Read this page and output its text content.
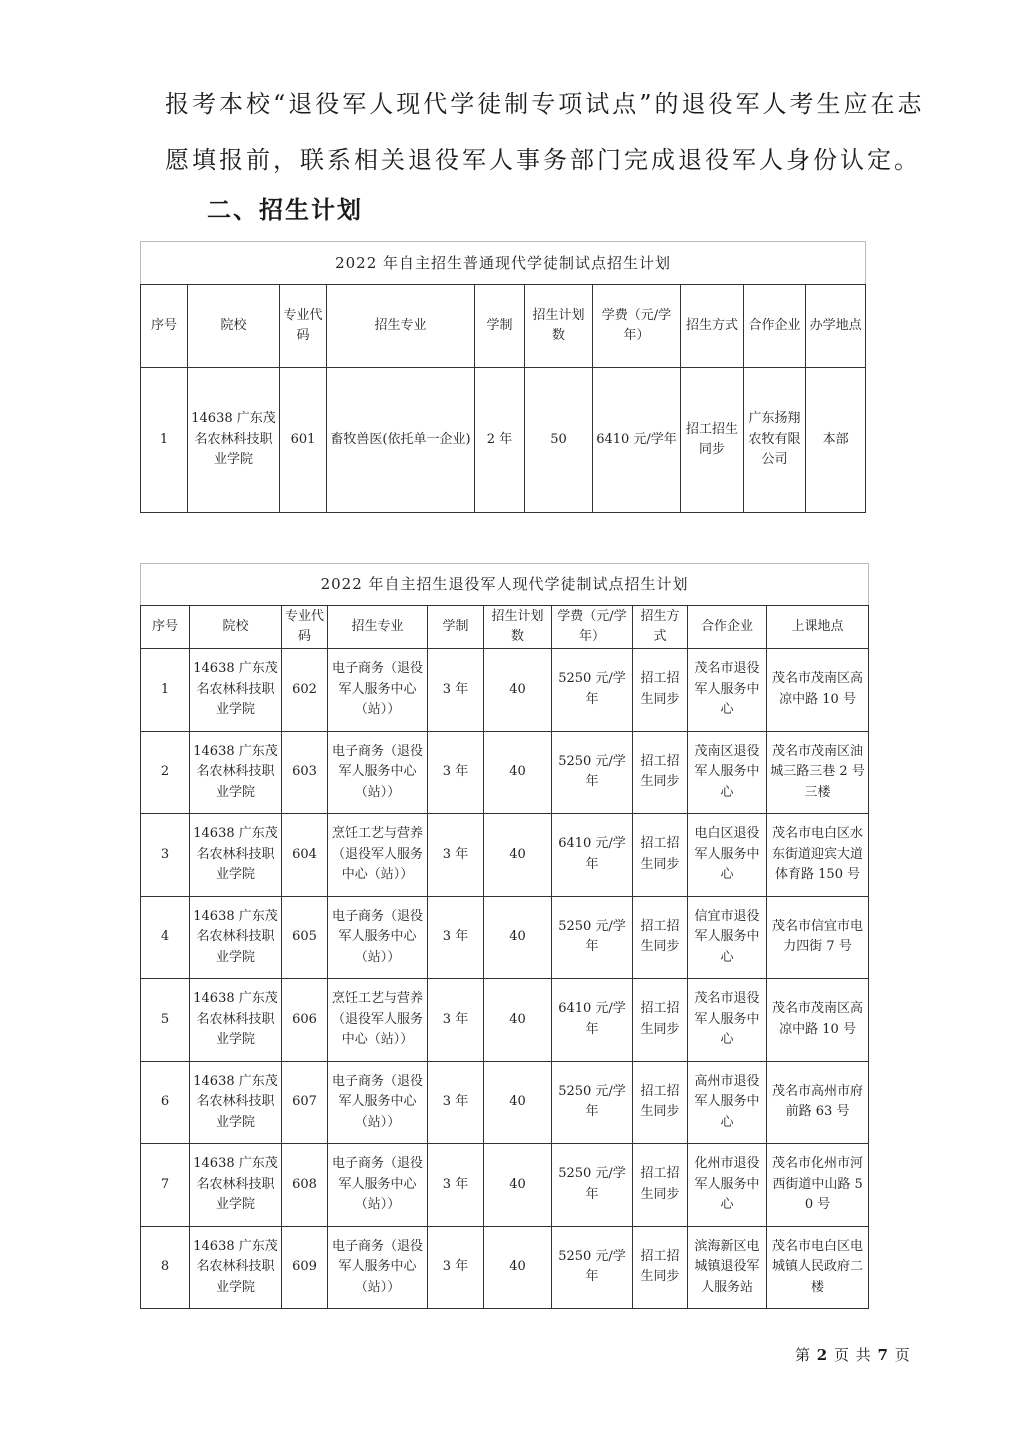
报考本校“退役军人现代学徒制专项试点”的退役军人考生应在志
愿填报前，联系相关退役军人事务部门完成退役军人身份认定。
二、招生计划
2022 年自主招生普通现代学徒制试点招生计划									
序号	院校	专业代码	招生专业	学制	招生计划数	学费（元/学年）	招生方式	合作企业	办学地点
1	14638 广东茂名农林科技职业学院	601	畜牧兽医(依托单一企业)	2 年	50	6410 元/学年	招工招生同步	广东扬翔农牧有限公司	本部
2022 年自主招生退役军人现代学徒制试点招生计划									
序号	院校	专业代码	招生专业	学制	招生计划数	学费（元/学年）	招生方式	合作企业	上课地点
1	14638 广东茂名农林科技职业学院	602	电子商务（退役军人服务中心（站））	3 年	40	5250 元/学年	招工招生同步	茂名市退役军人服务中心	茂名市茂南区高凉中路 10 号
2	14638 广东茂名农林科技职业学院	603	电子商务（退役军人服务中心（站））	3 年	40	5250 元/学年	招工招生同步	茂南区退役军人服务中心	茂名市茂南区油城三路三巷 2 号三楼
3	14638 广东茂名农林科技职业学院	604	烹饪工艺与营养（退役军人服务中心（站））	3 年	40	6410 元/学年	招工招生同步	电白区退役军人服务中心	茂名市电白区水东街道迎宾大道体育路 150 号
4	14638 广东茂名农林科技职业学院	605	电子商务（退役军人服务中心（站））	3 年	40	5250 元/学年	招工招生同步	信宜市退役军人服务中心	茂名市信宜市电力四街 7 号
5	14638 广东茂名农林科技职业学院	606	烹饪工艺与营养（退役军人服务中心（站））	3 年	40	6410 元/学年	招工招生同步	茂名市退役军人服务中心	茂名市茂南区高凉中路 10 号
6	14638 广东茂名农林科技职业学院	607	电子商务（退役军人服务中心（站））	3 年	40	5250 元/学年	招工招生同步	高州市退役军人服务中心	茂名市高州市府前路 63 号
7	14638 广东茂名农林科技职业学院	608	电子商务（退役军人服务中心（站））	3 年	40	5250 元/学年	招工招生同步	化州市退役军人服务中心	茂名市化州市河西街道中山路 50 号
8	14638 广东茂名农林科技职业学院	609	电子商务（退役军人服务中心（站））	3 年	40	5250 元/学年	招工招生同步	滨海新区电城镇退役军人服务站	茂名市电白区电城镇人民政府二楼
第 2 页 共 7 页
